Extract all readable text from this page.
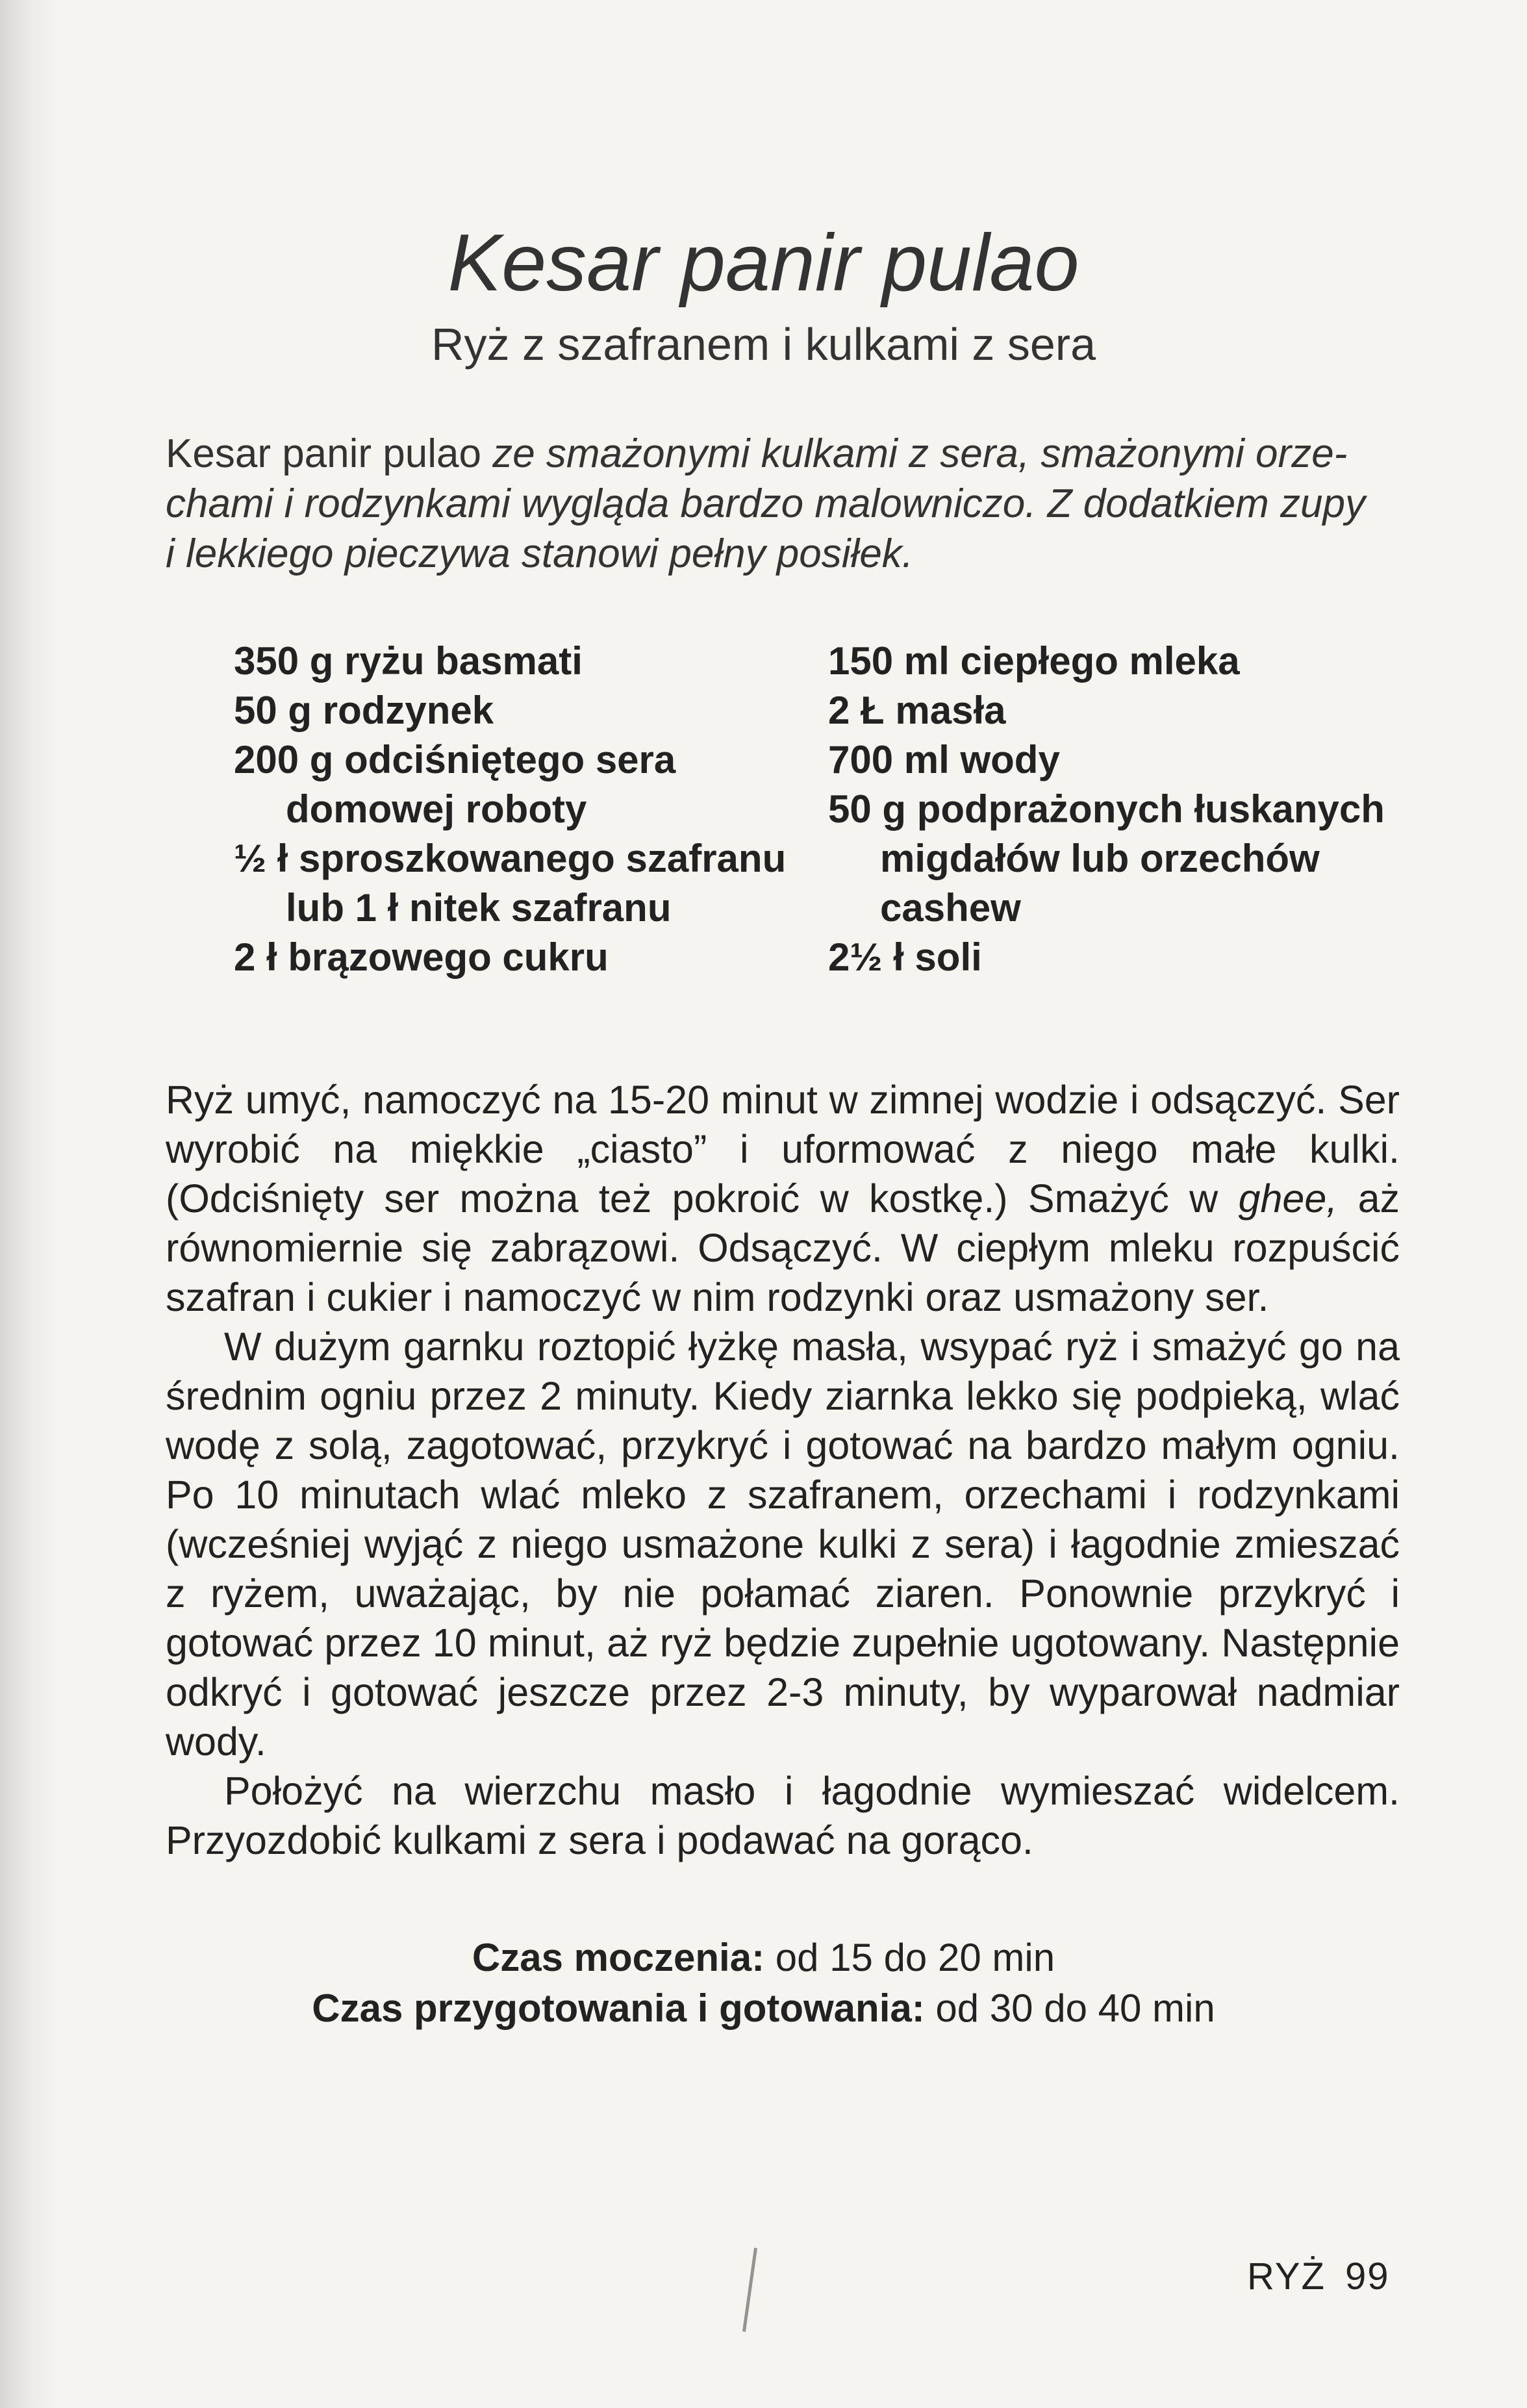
Kesar panir pulao
Ryż z szafranem i kulkami z sera
Kesar panir pulao ze smażonymi kulkami z sera, smażonymi orze-
chami i rodzynkami wygląda bardzo malowniczo. Z dodatkiem zupy
i lekkiego pieczywa stanowi pełny posiłek.
350 g ryżu basmati
50 g rodzynek
200 g odciśniętego sera domowej roboty
½ ł sproszkowanego szafranu lub 1 ł nitek szafranu
2 ł brązowego cukru
150 ml ciepłego mleka
2 Ł masła
700 ml wody
50 g podprażonych łuskanych migdałów lub orzechów cashew
2½ ł soli

Ryż umyć, namoczyć na 15-20 minut w zimnej wodzie i odsączyć. Ser wyrobić na miękkie „ciasto” i uformować z niego małe kulki. (Odciśnięty ser można też pokroić w kostkę.) Smażyć w ghee, aż równomiernie się zabrązowi. Odsączyć. W ciepłym mleku rozpuścić szafran i cukier i namoczyć w nim rodzynki oraz usmażony ser.

W dużym garnku roztopić łyżkę masła, wsypać ryż i smażyć go na średnim ogniu przez 2 minuty. Kiedy ziarnka lekko się podpieką, wlać wodę z solą, zagotować, przykryć i gotować na bardzo małym ogniu. Po 10 minutach wlać mleko z szafranem, orzechami i rodzynkami (wcześniej wyjąć z niego usmażone kulki z sera) i łagodnie zmieszać z ryżem, uważając, by nie połamać ziaren. Ponownie przykryć i gotować przez 10 minut, aż ryż będzie zupełnie ugotowany. Następnie odkryć i gotować jeszcze przez 2-3 minuty, by wyparował nadmiar wody.

Położyć na wierzchu masło i łagodnie wymieszać widelcem. Przyozdobić kulkami z sera i podawać na gorąco.

Czas moczenia: od 15 do 20 min
Czas przygotowania i gotowania: od 30 do 40 min
RYŻ 99
